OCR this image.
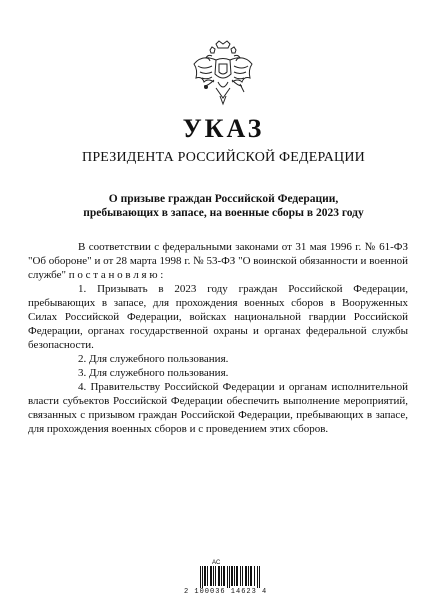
УКАЗ
ПРЕЗИДЕНТА РОССИЙСКОЙ ФЕДЕРАЦИИ
О призыве граждан Российской Федерации,
пребывающих в запасе, на военные сборы в 2023 году

В соответствии с федеральными законами от 31 мая 1996 г. № 61-ФЗ "Об обороне" и от 28 марта 1998 г. № 53-ФЗ "О воинской обязанности и военной службе" п о с т а н о в л я ю :

1. Призывать в 2023 году граждан Российской Федерации, пребывающих в запасе, для прохождения военных сборов в Вооруженных Силах Российской Федерации, войсках национальной гвардии Российской Федерации, органах государственной охраны и органах федеральной службы безопасности.

2. Для служебного пользования.

3. Для служебного пользования.

4. Правительству Российской Федерации и органам исполнительной власти субъектов Российской Федерации обеспечить выполнение мероприятий, связанных с призывом граждан Российской Федерации, пребывающих в запасе, для прохождения военных сборов и с проведением этих сборов.

AC
2 100036 14623 4
